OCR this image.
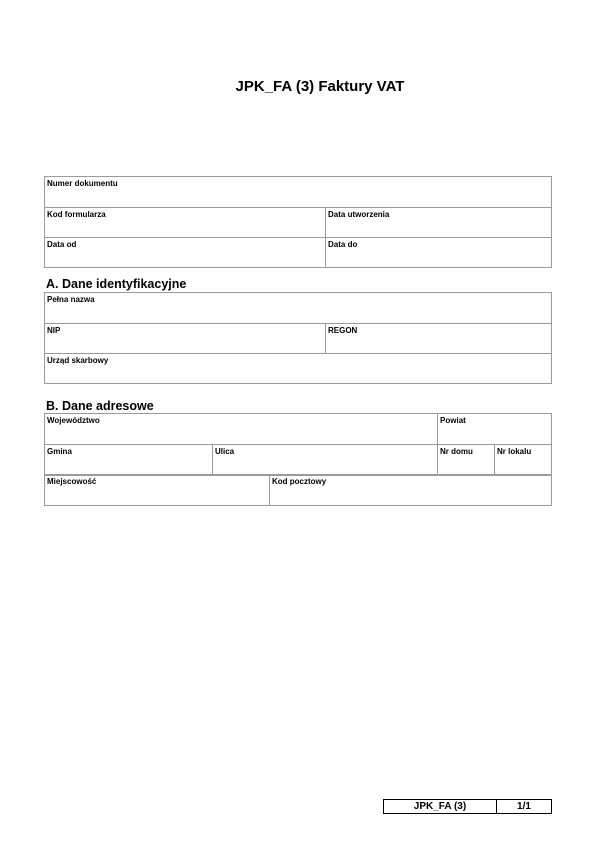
JPK_FA (3) Faktury VAT
Numer dokumentu	
Kod formularza	Data utworzenia
Data od	Data do
A. Dane identyfikacyjne
Pełna nazwa
NIP	REGON
Urząd skarbowy
B. Dane adresowe
Województwo	Powiat
Gmina	Ulica	Nr domu	Nr lokalu
Miejscowość	Kod pocztowy
JPK_FA (3)	1/1
